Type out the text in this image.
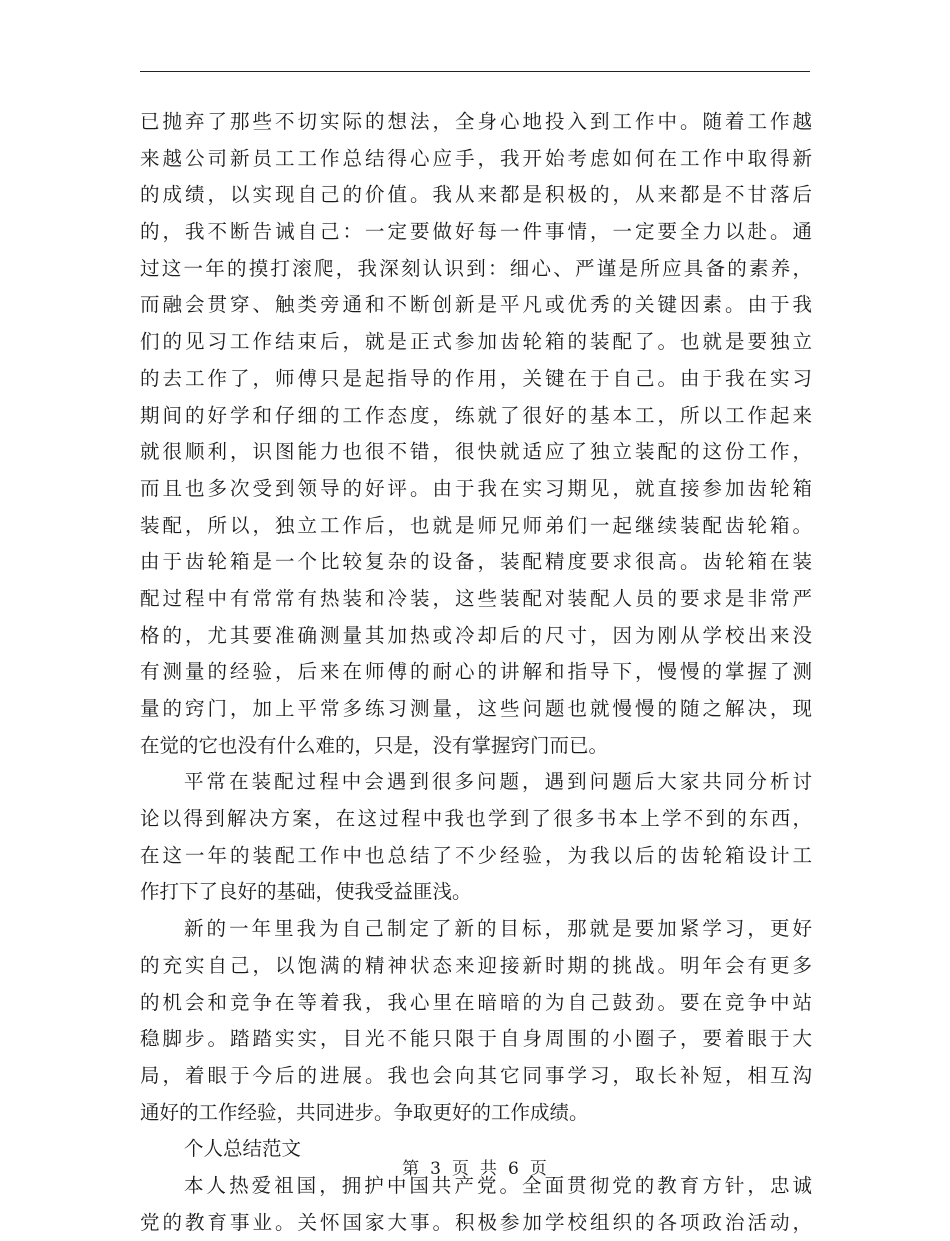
已抛弃了那些不切实际的想法，全身心地投入到工作中。随着工作越
来越公司新员工工作总结得心应手，我开始考虑如何在工作中取得新
的成绩，以实现自己的价值。我从来都是积极的，从来都是不甘落后
的，我不断告诫自己：一定要做好每一件事情，一定要全力以赴。通
过这一年的摸打滚爬，我深刻认识到：细心、严谨是所应具备的素养，
而融会贯穿、触类旁通和不断创新是平凡或优秀的关键因素。由于我
们的见习工作结束后，就是正式参加齿轮箱的装配了。也就是要独立
的去工作了，师傅只是起指导的作用，关键在于自己。由于我在实习
期间的好学和仔细的工作态度，练就了很好的基本工，所以工作起来
就很顺利，识图能力也很不错，很快就适应了独立装配的这份工作，
而且也多次受到领导的好评。由于我在实习期见，就直接参加齿轮箱
装配，所以，独立工作后，也就是师兄师弟们一起继续装配齿轮箱。
由于齿轮箱是一个比较复杂的设备，装配精度要求很高。齿轮箱在装
配过程中有常常有热装和冷装，这些装配对装配人员的要求是非常严
格的，尤其要准确测量其加热或冷却后的尺寸，因为刚从学校出来没
有测量的经验，后来在师傅的耐心的讲解和指导下，慢慢的掌握了测
量的窍门，加上平常多练习测量，这些问题也就慢慢的随之解决，现
在觉的它也没有什么难的，只是，没有掌握窍门而已。
平常在装配过程中会遇到很多问题，遇到问题后大家共同分析讨
论以得到解决方案，在这过程中我也学到了很多书本上学不到的东西，
在这一年的装配工作中也总结了不少经验，为我以后的齿轮箱设计工
作打下了良好的基础，使我受益匪浅。
新的一年里我为自己制定了新的目标，那就是要加紧学习，更好
的充实自己，以饱满的精神状态来迎接新时期的挑战。明年会有更多
的机会和竞争在等着我，我心里在暗暗的为自己鼓劲。要在竞争中站
稳脚步。踏踏实实，目光不能只限于自身周围的小圈子，要着眼于大
局，着眼于今后的进展。我也会向其它同事学习，取长补短，相互沟
通好的工作经验，共同进步。争取更好的工作成绩。
个人总结范文
本人热爱祖国，拥护中国共产党。全面贯彻党的教育方针，忠诚
党的教育事业。关怀国家大事。积极参加学校组织的各项政治活动，
第 3 页 共 6 页
